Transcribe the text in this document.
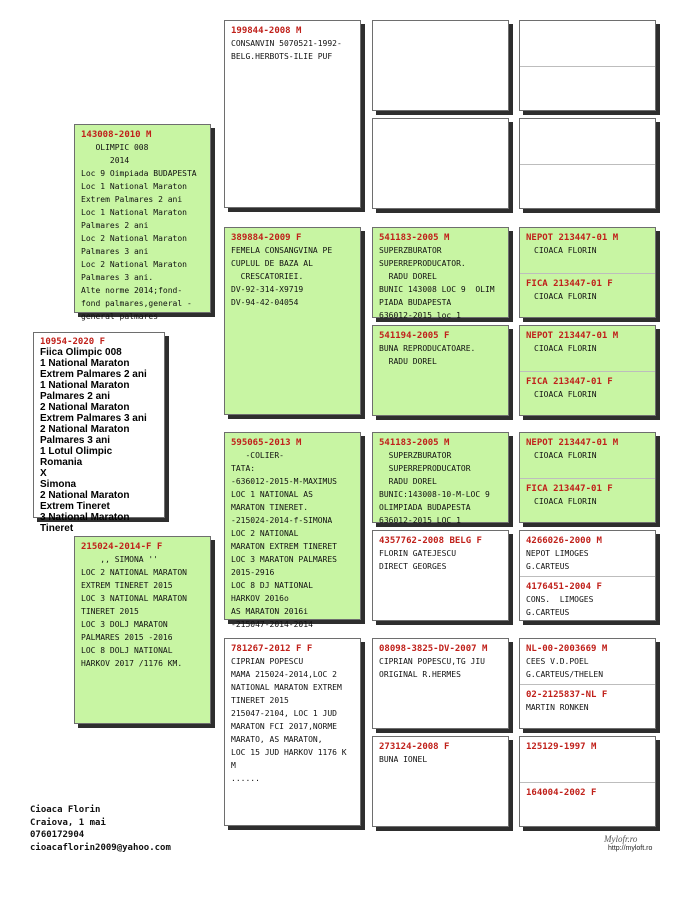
10954-2020 F
Fiica Olimpic 008
1 National Maraton
Extrem Palmares 2 ani
1 National Maraton
Palmares 2 ani
2 National Maraton
Extrem Palmares 3 ani
2 National Maraton
Palmares 3 ani
1 Lotul Olimpic  Romania
X
Simona
2 National Maraton
Extrem Tineret
3 National Maraton
Tineret
143008-2010 M
OLIMPIC 008
2014
Loc 9 Oimpiada BUDAPESTA
Loc 1 National Maraton
Extrem Palmares 2 ani
Loc 1 National Maraton
Palmares 2 ani
Loc 2 National Maraton
Palmares 3 ani
Loc 2 National Maraton
Palmares 3 ani.
Alte norme 2014;fond-
fond palmares,general -
general palmares
215024-2014-F F
,, SIMONA ''
LOC 2 NATIONAL MARATON
EXTREM TINERET 2015
LOC 3 NATIONAL MARATON
TINERET 2015
LOC 3 DOLJ MARATON
PALMARES 2015 -2016
LOC 8 DOLJ NATIONAL
HARKOV 2017 /1176 KM.
199844-2008 M
CONSANVIN 5070521-1992-
BELG.HERBOTS-ILIE PUF
389884-2009 F
FEMELA CONSANGVINA PE
CUPLUL DE BAZA AL
CRESCATORIEI.
DV-92-314-X9719
DV-94-42-04054
595065-2013 M
-COLIER-
TATA:
-636012-2015-M-MAXIMUS
LOC 1 NATIONAL AS
MARATON TINERET.
-215024-2014-f-SIMONA
LOC 2 NATIONAL
MARATON EXTREM TINERET
LOC 3 MARATON PALMARES
2015-2916
LOC 8 DJ NATIONAL
HARKOV 2016o
AS MARATON 2016i
-215047-2014-2014
781267-2012 F F
CIPRIAN POPESCU
MAMA 215024-2014,LOC 2
NATIONAL MARATON EXTREM
TINERET 2015
215047-2104, LOC 1 JUD
MARATON FCI 2017,NORME
MARATO, AS MARATON,
LOC 15 JUD HARKOV 1176 K
M
......
541183-2005 M
SUPERZBURATOR
SUPERREPRODUCATOR.
RADU DOREL
BUNIC 143008 LOC 9  OLIM
PIADA BUDAPESTA
636012-2015 loc 1
541194-2005 F
BUNA REPRODUCATOARE.
RADU DOREL
541183-2005 M
SUPERZBURATOR
SUPERREPRODUCATOR
RADU DOREL
BUNIC:143008-10-M-LOC 9
OLIMPIADA BUDAPESTA
636012-2015 LOC 1
4357762-2008 BELG F
FLORIN GATEJESCU
DIRECT GEORGES
08098-3825-DV-2007 M
CIPRIAN POPESCU,TG JIU
ORIGINAL R.HERMES
273124-2008 F
BUNA IONEL
NEPOT 213447-01 M
CIOACA FLORIN
FICA 213447-01 F
CIOACA FLORIN
NEPOT 213447-01 M
CIOACA FLORIN
FICA 213447-01 F
CIOACA FLORIN
NEPOT 213447-01 M
CIOACA FLORIN
FICA 213447-01 F
CIOACA FLORIN
4266026-2000 M
NEPOT LIMOGES
G.CARTEUS
4176451-2004 F
CONS.  LIMOGES
G.CARTEUS
NL-00-2003669 M
CEES V.D.POEL
G.CARTEUS/THELEN
02-2125837-NL F
MARTIN RONKEN
125129-1997 M
164004-2002 F
Cioaca Florin
Craiova, 1 mai
0760172904
cioacaflorin2009@yahoo.com
Mylofr.ro
http://myloft.ro
